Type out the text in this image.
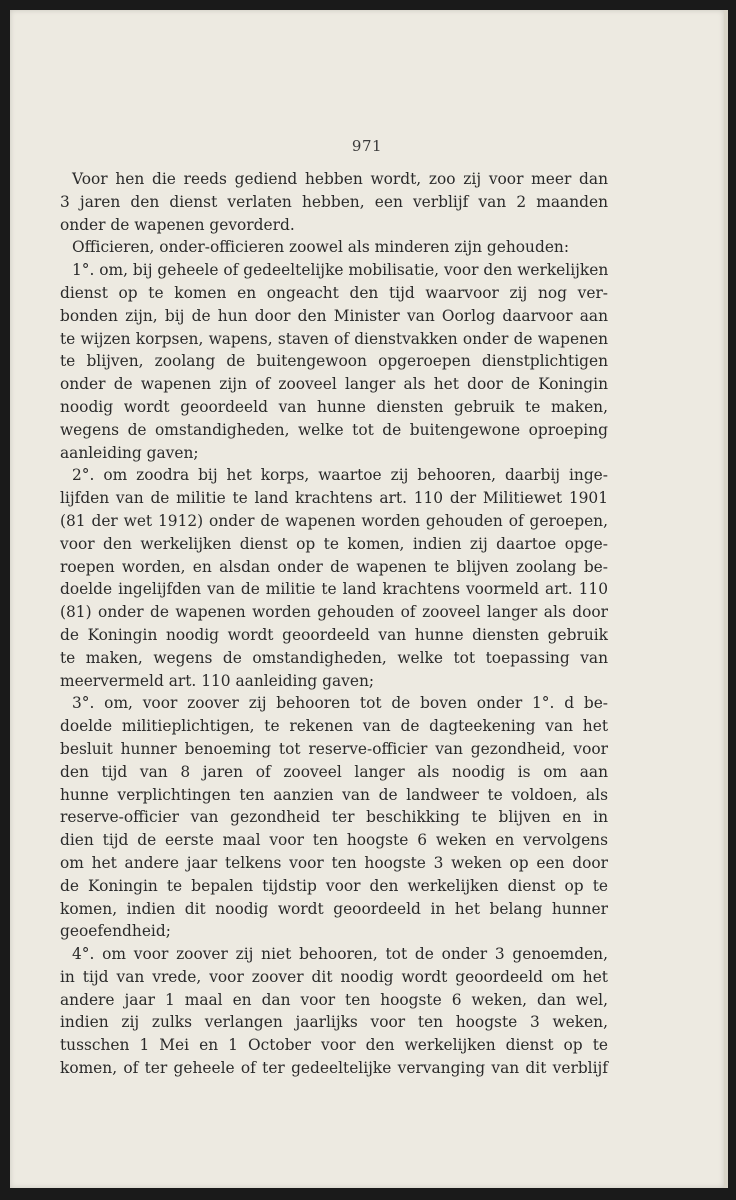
971
Voor hen die reeds gediend hebben wordt, zoo zij voor meer dan
3 jaren den dienst verlaten hebben, een verblijf van 2 maanden
onder de wapenen gevorderd.
Officieren, onder-officieren zoowel als minderen zijn gehouden:
1°. om, bij geheele of gedeeltelijke mobilisatie, voor den werkelijken
dienst op te komen en ongeacht den tijd waarvoor zij nog ver-
bonden zijn, bij de hun door den Minister van Oorlog daarvoor aan
te wijzen korpsen, wapens, staven of dienstvakken onder de wapenen
te blijven, zoolang de buitengewoon opgeroepen dienstplichtigen
onder de wapenen zijn of zooveel langer als het door de Koningin
noodig wordt geoordeeld van hunne diensten gebruik te maken,
wegens de omstandigheden, welke tot de buitengewone oproeping
aanleiding gaven;
2°. om zoodra bij het korps, waartoe zij behooren, daarbij inge-
lijfden van de militie te land krachtens art. 110 der Militiewet 1901
(81 der wet 1912) onder de wapenen worden gehouden of geroepen,
voor den werkelijken dienst op te komen, indien zij daartoe opge-
roepen worden, en alsdan onder de wapenen te blijven zoolang be-
doelde ingelijfden van de militie te land krachtens voormeld art. 110
(81) onder de wapenen worden gehouden of zooveel langer als door
de Koningin noodig wordt geoordeeld van hunne diensten gebruik
te maken, wegens de omstandigheden, welke tot toepassing van
meervermeld art. 110 aanleiding gaven;
3°. om, voor zoover zij behooren tot de boven onder 1°. d be-
doelde militieplichtigen, te rekenen van de dagteekening van het
besluit hunner benoeming tot reserve-officier van gezondheid, voor
den tijd van 8 jaren of zooveel langer als noodig is om aan
hunne verplichtingen ten aanzien van de landweer te voldoen, als
reserve-officier van gezondheid ter beschikking te blijven en in
dien tijd de eerste maal voor ten hoogste 6 weken en vervolgens
om het andere jaar telkens voor ten hoogste 3 weken op een door
de Koningin te bepalen tijdstip voor den werkelijken dienst op te
komen, indien dit noodig wordt geoordeeld in het belang hunner
geoefendheid;
4°. om voor zoover zij niet behooren, tot de onder 3 genoemden,
in tijd van vrede, voor zoover dit noodig wordt geoordeeld om het
andere jaar 1 maal en dan voor ten hoogste 6 weken, dan wel,
indien zij zulks verlangen jaarlijks voor ten hoogste 3 weken,
tusschen 1 Mei en 1 October voor den werkelijken dienst op te
komen, of ter geheele of ter gedeeltelijke vervanging van dit verblijf
